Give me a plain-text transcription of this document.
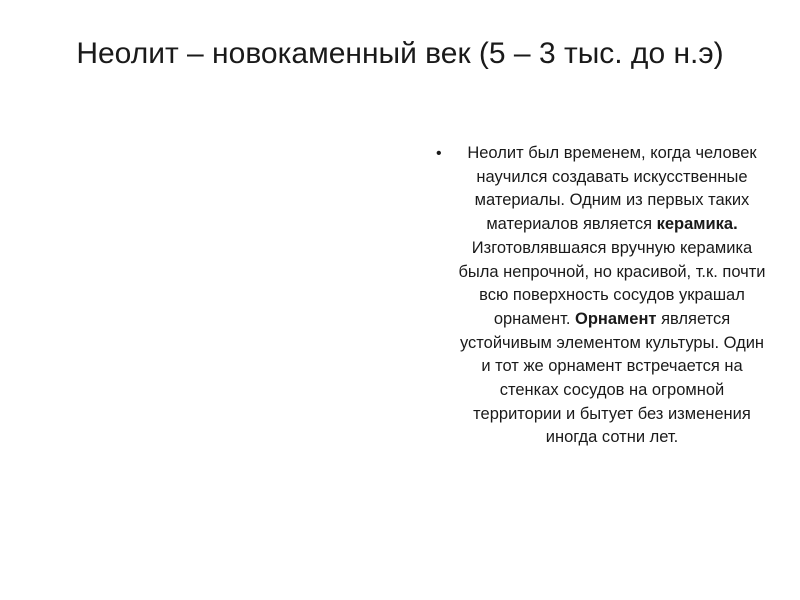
Неолит – новокаменный век (5 – 3 тыс. до н.э)
•	Неолит был временем, когда человек научился создавать искусственные материалы. Одним из первых таких материалов является керамика. Изготовлявшаяся вручную керамика была непрочной, но красивой, т.к. почти всю поверхность сосудов украшал орнамент. Орнамент является устойчивым элементом культуры. Один и тот же орнамент встречается на стенках сосудов на огромной территории и бытует без изменения иногда сотни лет.
